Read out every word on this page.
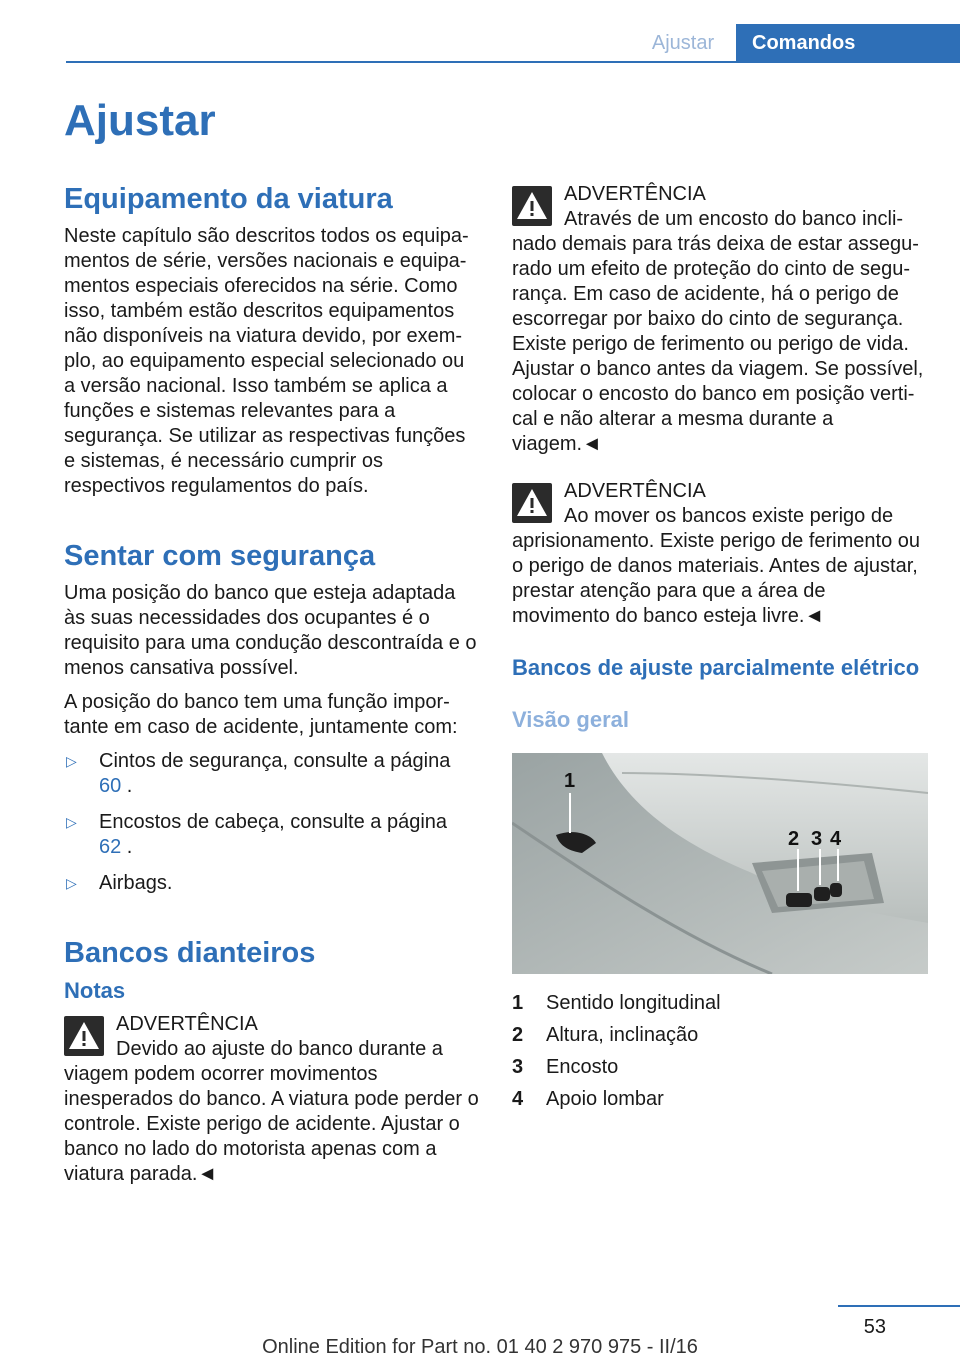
Ajustar	Comandos
Ajustar
Equipamento da viatura

Neste capítulo são descritos todos os equipamentos de série, versões nacionais e equipamentos especiais oferecidos na série. Como isso, também estão descritos equipamentos não disponíveis na viatura devido, por exemplo, ao equipamento especial selecionado ou a versão nacional. Isso também se aplica a funções e sistemas relevantes para a segurança. Se utilizar as respectivas funções e sistemas, é necessário cumprir os respectivos regulamentos do país.

Sentar com segurança

Uma posição do banco que esteja adaptada às suas necessidades dos ocupantes é o requisito para uma condução descontraída e o menos cansativa possível.

A posição do banco tem uma função importante em caso de acidente, juntamente com:

▷ Cintos de segurança, consulte a página
60 .
▷ Encostos de cabeça, consulte a página
62 .
▷ Airbags.
Bancos dianteiros
Notas
ADVERTÊNCIA
Devido ao ajuste do banco durante a viagem podem ocorrer movimentos inesperados do banco. A viatura pode perder o controle. Existe perigo de acidente. Ajustar o banco no lado do motorista apenas com a viatura parada.◄
ADVERTÊNCIA
Através de um encosto do banco inclinado demais para trás deixa de estar assegurado um efeito de proteção do cinto de segurança. Em caso de acidente, há o perigo de escorregar por baixo do cinto de segurança. Existe perigo de ferimento ou perigo de vida. Ajustar o banco antes da viagem. Se possível, colocar o encosto do banco em posição vertical e não alterar a mesma durante a viagem.◄
ADVERTÊNCIA
Ao mover os bancos existe perigo de aprisionamento. Existe perigo de ferimento ou o perigo de danos materiais. Antes de ajustar, prestar atenção para que a área de movimento do banco esteja livre.◄
Bancos de ajuste parcialmente elétrico
Visão geral
1
2 3 4
1	Sentido longitudinal
2	Altura, inclinação
3	Encosto
4	Apoio lombar
53
Online Edition for Part no. 01 40 2 970 975 - II/16
